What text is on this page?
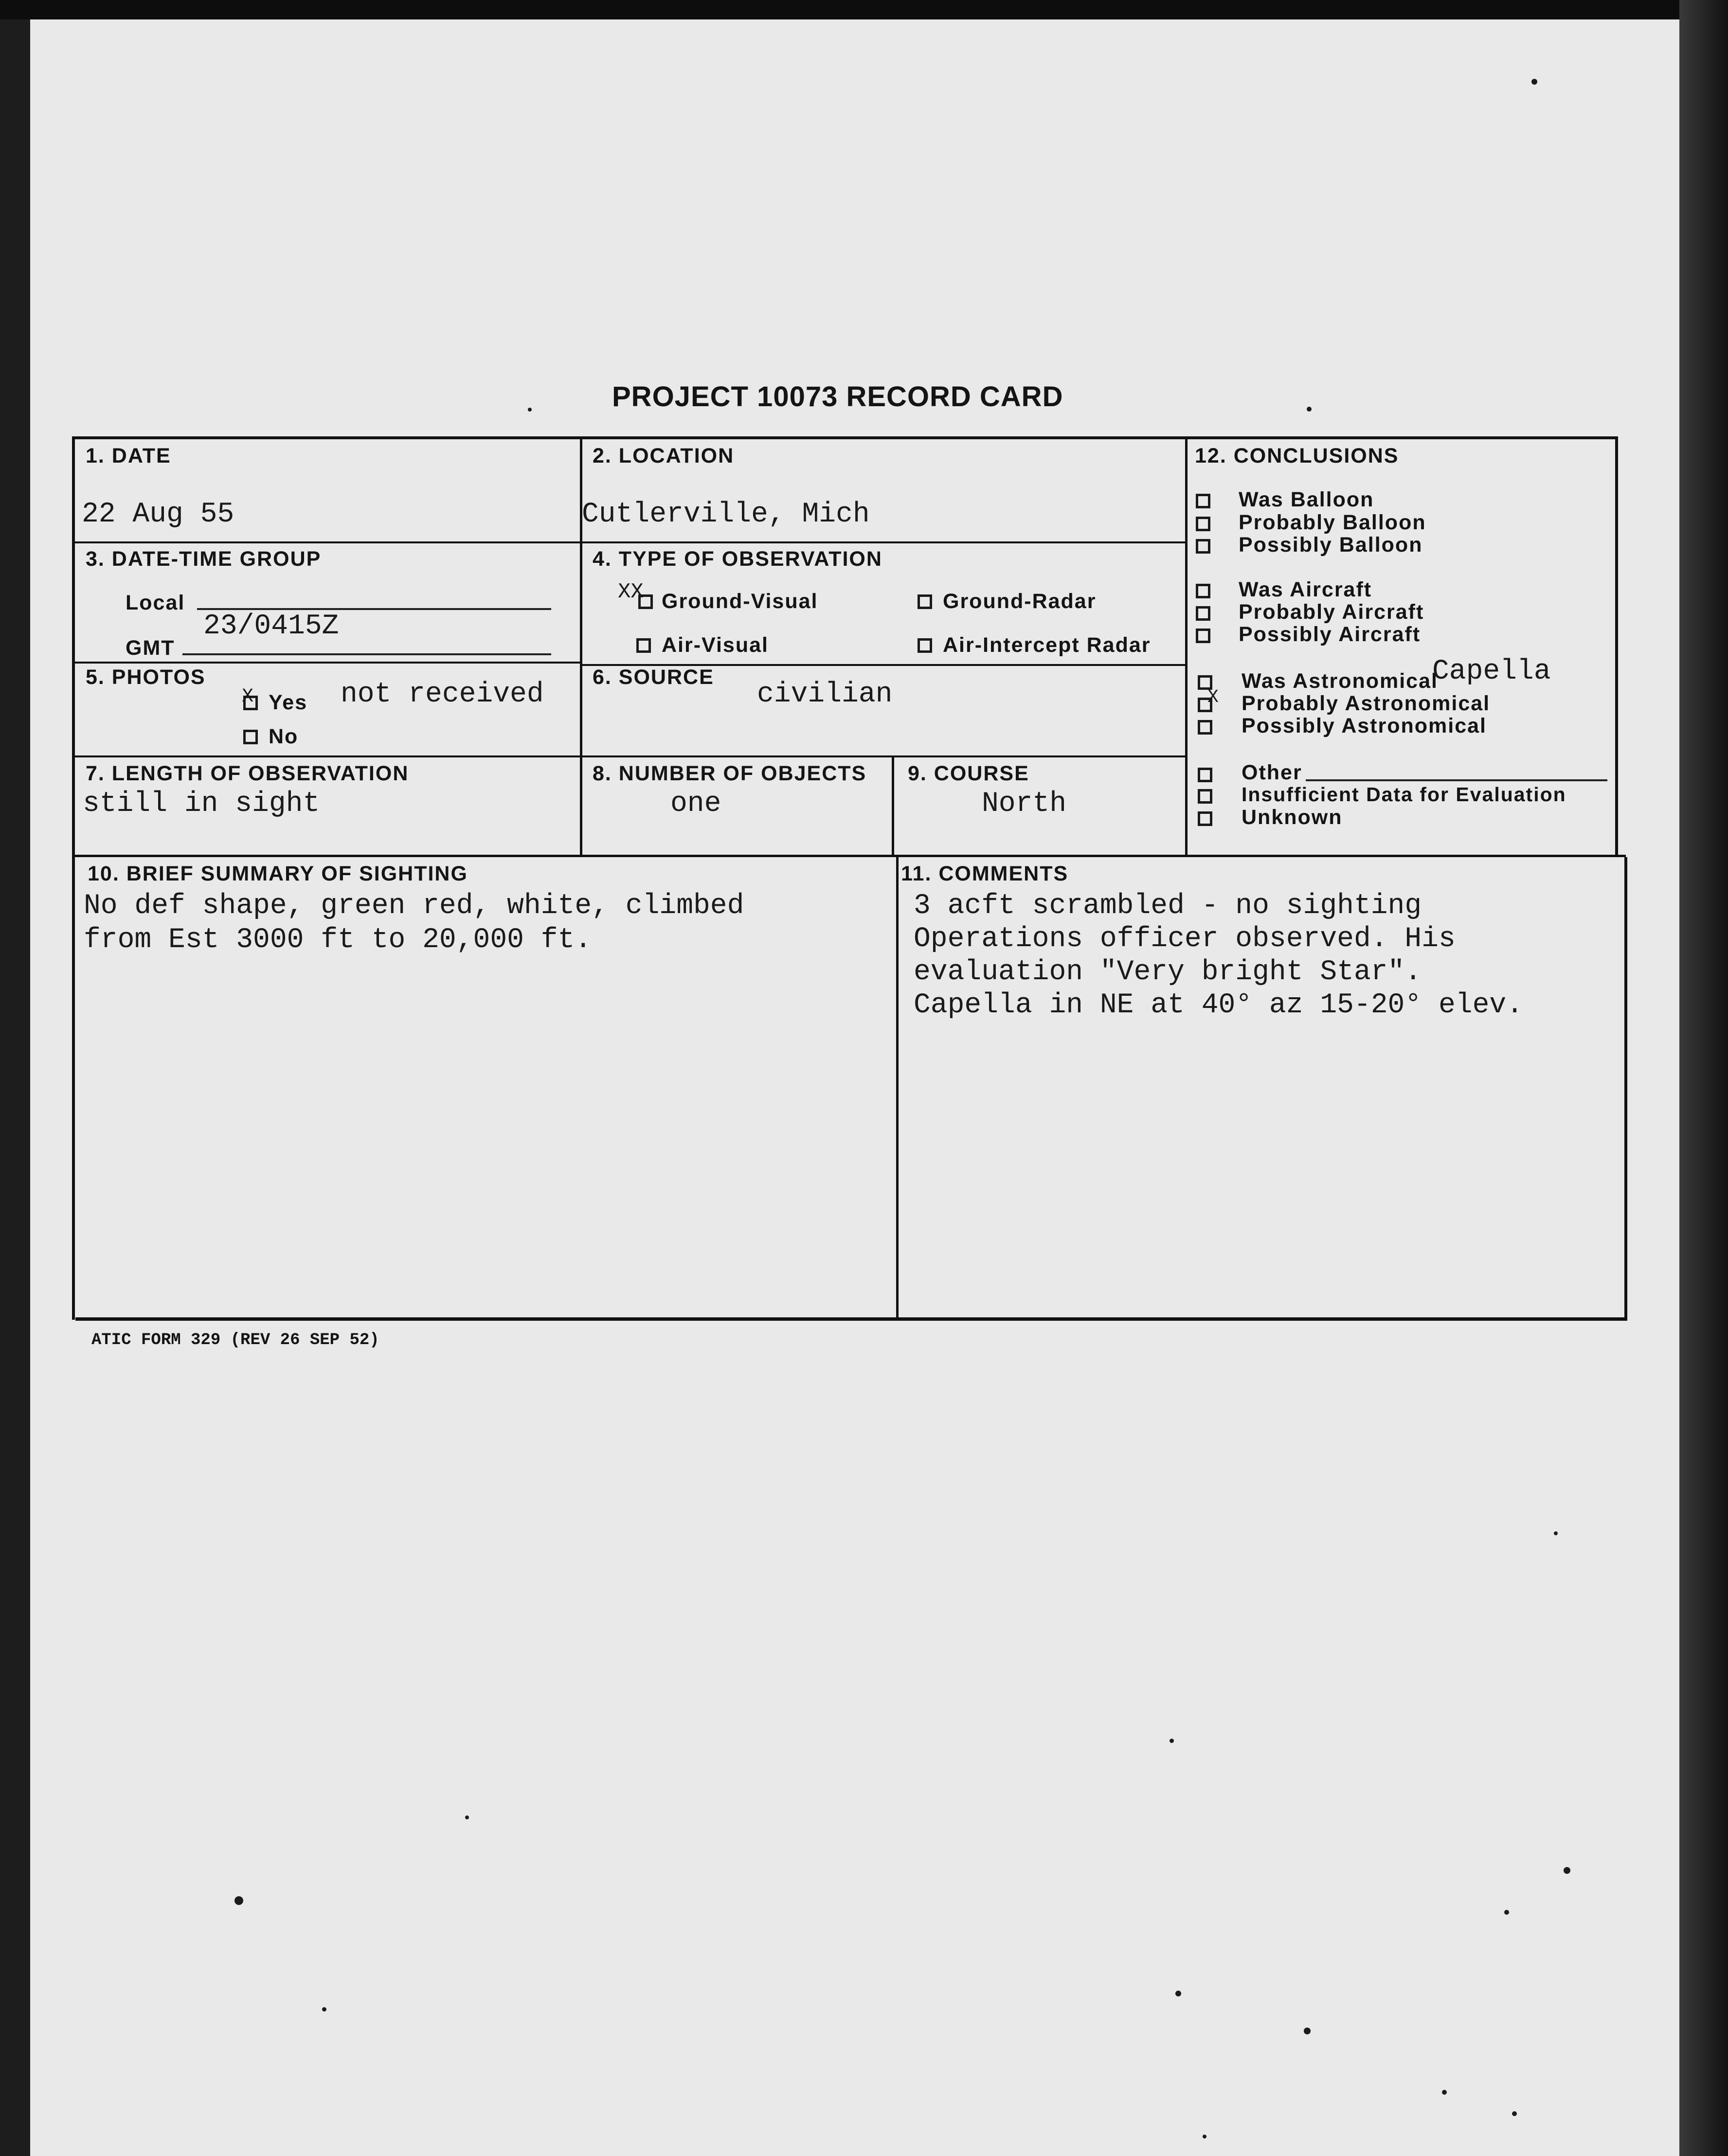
PROJECT 10073 RECORD CARD
1. DATE
22 Aug 55
2. LOCATION
Cutlerville, Mich
3. DATE-TIME GROUP
Local
23/0415Z
GMT
4. TYPE OF OBSERVATION
XX Ground-Visual	Ground-Radar
Air-Visual	Air-Intercept Radar
5. PHOTOS
X Yes not received
No
6. SOURCE
civilian
7. LENGTH OF OBSERVATION
still in sight
8. NUMBER OF OBJECTS
one
9. COURSE
North
10. BRIEF SUMMARY OF SIGHTING
No def shape, green red, white, climbed
from Est 3000 ft to 20,000 ft.
11. COMMENTS
3 acft scrambled - no sighting
Operations officer observed. His
evaluation "Very bright Star".
Capella in NE at 40° az 15-20° elev.
12. CONCLUSIONS
Was Balloon
Probably Balloon
Possibly Balloon
Was Aircraft
Probably Aircraft
Possibly Aircraft
Was Astronomical
Capella
X Probably Astronomical
Possibly Astronomical
Other
Insufficient Data for Evaluation
Unknown
ATIC FORM 329 (REV 26 SEP 52)
